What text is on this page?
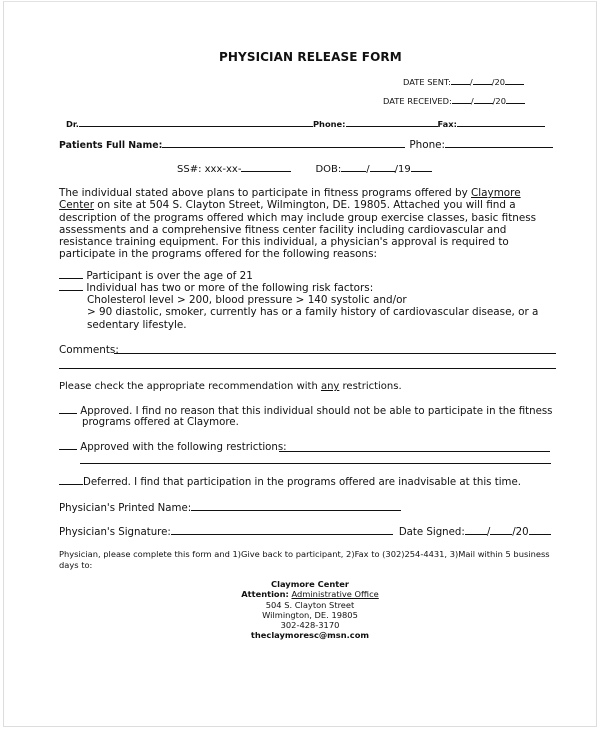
PHYSICIAN RELEASE FORM
DATE SENT: / /20
DATE RECEIVED: / /20
Dr.	Phone:	Fax:
Patients Full Name:	Phone:
SS#: xxx-xx-	DOB:	/	/19
The individual stated above plans to participate in fitness programs offered by Claymore Center on site at 504 S. Clayton Street, Wilmington, DE. 19805. Attached you will find a description of the programs offered which may include group exercise classes, basic fitness assessments and a comprehensive fitness center facility including cardiovascular and resistance training equipment. For this individual, a physician's approval is required to participate in the programs offered for the following reasons:
Participant is over the age of 21
Individual has two or more of the following risk factors:
Cholesterol level > 200, blood pressure > 140 systolic and/or
> 90 diastolic, smoker, currently has or a family history of cardiovascular disease, or a
sedentary lifestyle.
Comments:
Please check the appropriate recommendation with any restrictions.
Approved. I find no reason that this individual should not be able to participate in the fitness
programs offered at Claymore.
Approved with the following restrictions:
Deferred. I find that participation in the programs offered are inadvisable at this time.
Physician's Printed Name:
Physician's Signature:	Date Signed: / /20
Physician, please complete this form and 1)Give back to participant, 2)Fax to (302)254-4431, 3)Mail within 5 business
days to:
Claymore Center
Attention: Administrative Office
504 S. Clayton Street
Wilmington, DE. 19805
302-428-3170
theclaymoresc@msn.com
